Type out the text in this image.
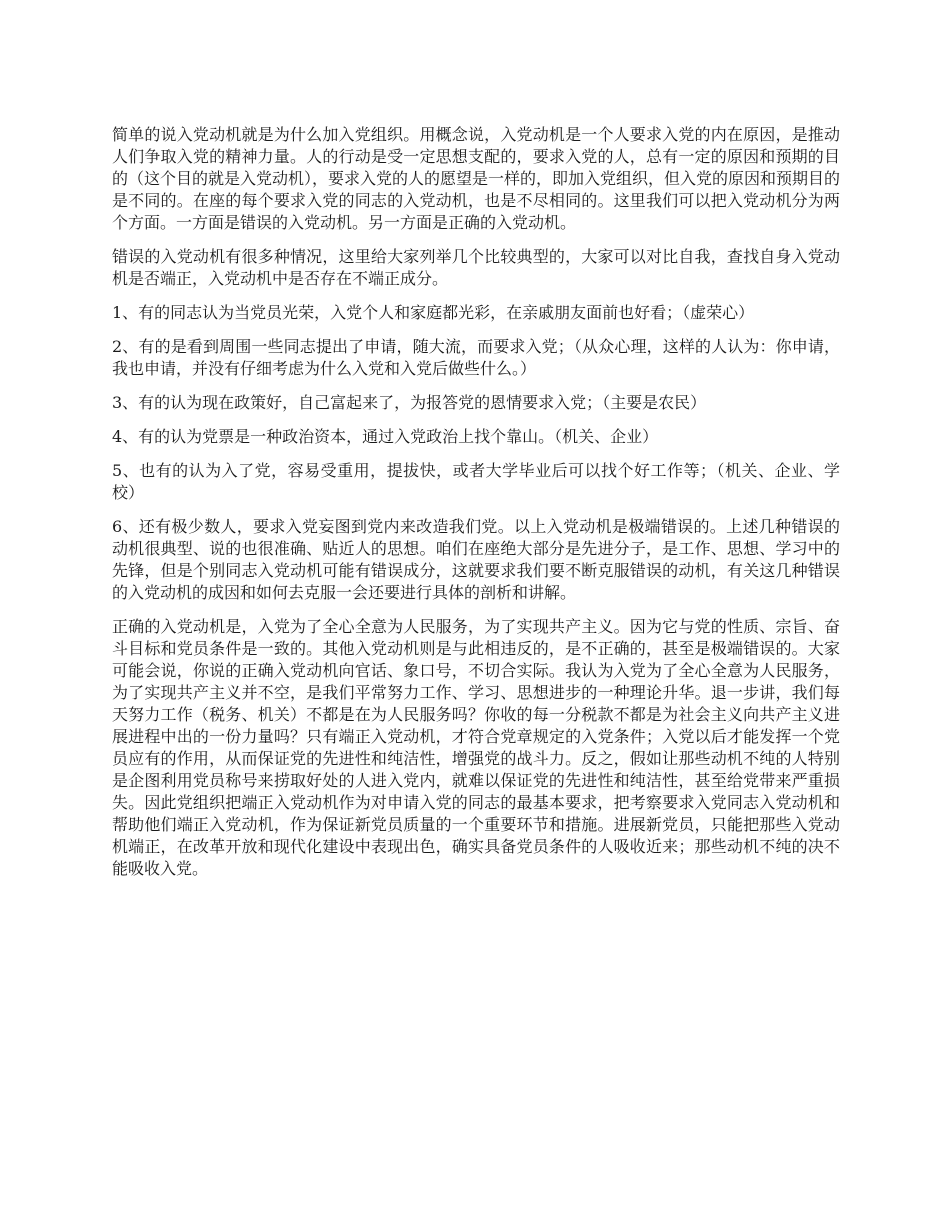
简单的说入党动机就是为什么加入党组织。用概念说，入党动机是一个人要求入党的内在原因，是推动人们争取入党的精神力量。人的行动是受一定思想支配的，要求入党的人，总有一定的原因和预期的目的（这个目的就是入党动机），要求入党的人的愿望是一样的，即加入党组织，但入党的原因和预期目的是不同的。在座的每个要求入党的同志的入党动机，也是不尽相同的。这里我们可以把入党动机分为两个方面。一方面是错误的入党动机。另一方面是正确的入党动机。

错误的入党动机有很多种情况，这里给大家列举几个比较典型的，大家可以对比自我，查找自身入党动机是否端正，入党动机中是否存在不端正成分。

1、有的同志认为当党员光荣，入党个人和家庭都光彩，在亲戚朋友面前也好看；（虚荣心）

2、有的是看到周围一些同志提出了申请，随大流，而要求入党；（从众心理，这样的人认为：你申请，我也申请，并没有仔细考虑为什么入党和入党后做些什么。）

3、有的认为现在政策好，自己富起来了，为报答党的恩情要求入党；（主要是农民）

4、有的认为党票是一种政治资本，通过入党政治上找个靠山。（机关、企业）

5、也有的认为入了党，容易受重用，提拔快，或者大学毕业后可以找个好工作等；（机关、企业、学校）

6、还有极少数人，要求入党妄图到党内来改造我们党。以上入党动机是极端错误的。上述几种错误的动机很典型、说的也很准确、贴近人的思想。咱们在座绝大部分是先进分子，是工作、思想、学习中的先锋，但是个别同志入党动机可能有错误成分，这就要求我们要不断克服错误的动机，有关这几种错误的入党动机的成因和如何去克服一会还要进行具体的剖析和讲解。

正确的入党动机是，入党为了全心全意为人民服务，为了实现共产主义。因为它与党的性质、宗旨、奋斗目标和党员条件是一致的。其他入党动机则是与此相违反的，是不正确的，甚至是极端错误的。大家可能会说，你说的正确入党动机向官话、象口号，不切合实际。我认为入党为了全心全意为人民服务，为了实现共产主义并不空，是我们平常努力工作、学习、思想进步的一种理论升华。退一步讲，我们每天努力工作（税务、机关）不都是在为人民服务吗？你收的每一分税款不都是为社会主义向共产主义进展进程中出的一份力量吗？只有端正入党动机，才符合党章规定的入党条件；入党以后才能发挥一个党员应有的作用，从而保证党的先进性和纯洁性，增强党的战斗力。反之，假如让那些动机不纯的人特别是企图利用党员称号来捞取好处的人进入党内，就难以保证党的先进性和纯洁性，甚至给党带来严重损失。因此党组织把端正入党动机作为对申请入党的同志的最基本要求，把考察要求入党同志入党动机和帮助他们端正入党动机，作为保证新党员质量的一个重要环节和措施。进展新党员，只能把那些入党动机端正，在改革开放和现代化建设中表现出色，确实具备党员条件的人吸收近来；那些动机不纯的决不能吸收入党。
